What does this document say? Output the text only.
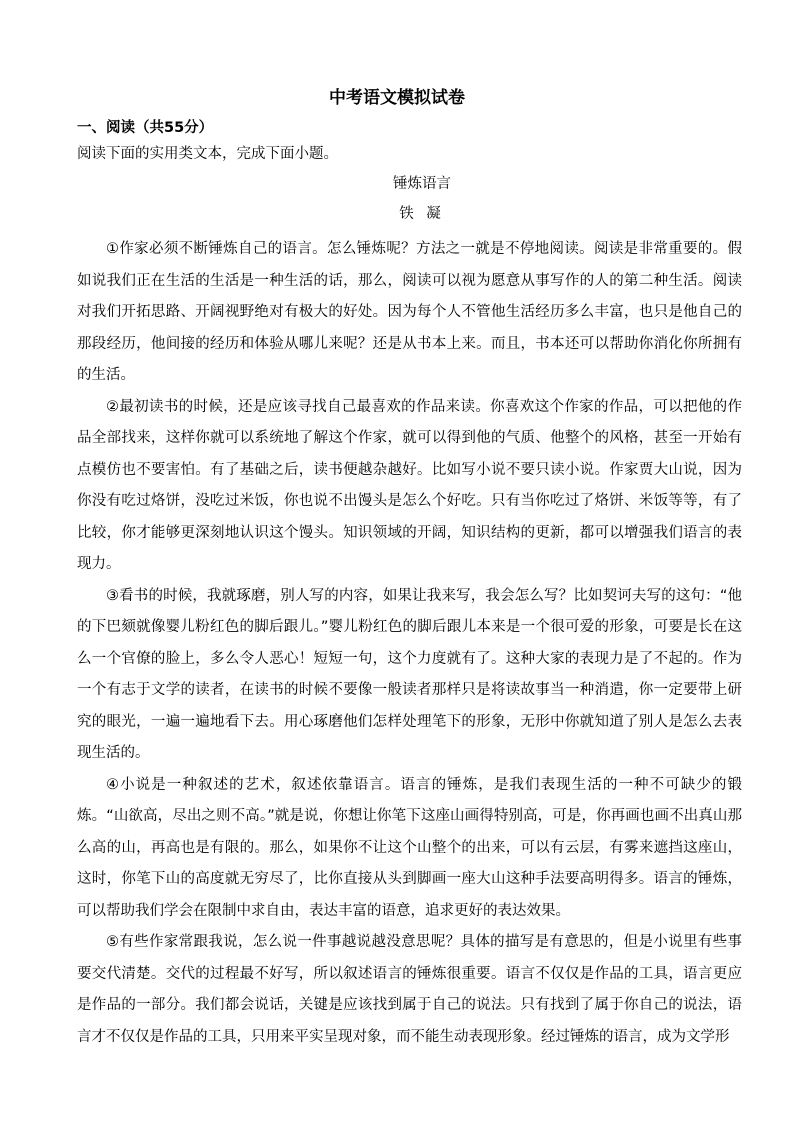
中考语文模拟试卷
一、阅读（共55分）
阅读下面的实用类文本，完成下面小题。
锤炼语言
铁 凝

①作家必须不断锤炼自己的语言。怎么锤炼呢？方法之一就是不停地阅读。阅读是非常重要的。假如说我们正在生活的生活是一种生活的话，那么，阅读可以视为愿意从事写作的人的第二种生活。阅读对我们开拓思路、开阔视野绝对有极大的好处。因为每个人不管他生活经历多么丰富，也只是他自己的那段经历，他间接的经历和体验从哪儿来呢？还是从书本上来。而且，书本还可以帮助你消化你所拥有的生活。

②最初读书的时候，还是应该寻找自己最喜欢的作品来读。你喜欢这个作家的作品，可以把他的作品全部找来，这样你就可以系统地了解这个作家，就可以得到他的气质、他整个的风格，甚至一开始有点模仿也不要害怕。有了基础之后，读书便越杂越好。比如写小说不要只读小说。作家贾大山说，因为你没有吃过烙饼，没吃过米饭，你也说不出馒头是怎么个好吃。只有当你吃过了烙饼、米饭等等，有了比较，你才能够更深刻地认识这个馒头。知识领域的开阔，知识结构的更新，都可以增强我们语言的表现力。

③看书的时候，我就琢磨，别人写的内容，如果让我来写，我会怎么写？比如契诃夫写的这句：“他的下巴颏就像婴儿粉红色的脚后跟儿。”婴儿粉红色的脚后跟儿本来是一个很可爱的形象，可要是长在这么一个官僚的脸上，多么令人恶心！短短一句，这个力度就有了。这种大家的表现力是了不起的。作为一个有志于文学的读者，在读书的时候不要像一般读者那样只是将读故事当一种消遣，你一定要带上研究的眼光，一遍一遍地看下去。用心琢磨他们怎样处理笔下的形象，无形中你就知道了别人是怎么去表现生活的。

④小说是一种叙述的艺术，叙述依靠语言。语言的锤炼，是我们表现生活的一种不可缺少的锻炼。“山欲高，尽出之则不高。”就是说，你想让你笔下这座山画得特别高，可是，你再画也画不出真山那么高的山，再高也是有限的。那么，如果你不让这个山整个的出来，可以有云层，有雾来遮挡这座山，这时，你笔下山的高度就无穷尽了，比你直接从头到脚画一座大山这种手法要高明得多。语言的锤炼，可以帮助我们学会在限制中求自由，表达丰富的语意，追求更好的表达效果。

⑤有些作家常跟我说，怎么说一件事越说越没意思呢？具体的描写是有意思的，但是小说里有些事要交代清楚。交代的过程最不好写，所以叙述语言的锤炼很重要。语言不仅仅是作品的工具，语言更应是作品的一部分。我们都会说话，关键是应该找到属于自己的说法。只有找到了属于你自己的说法，语言才不仅仅是作品的工具，只用来平实呈现对象，而不能生动表现形象。经过锤炼的语言，成为文学形
